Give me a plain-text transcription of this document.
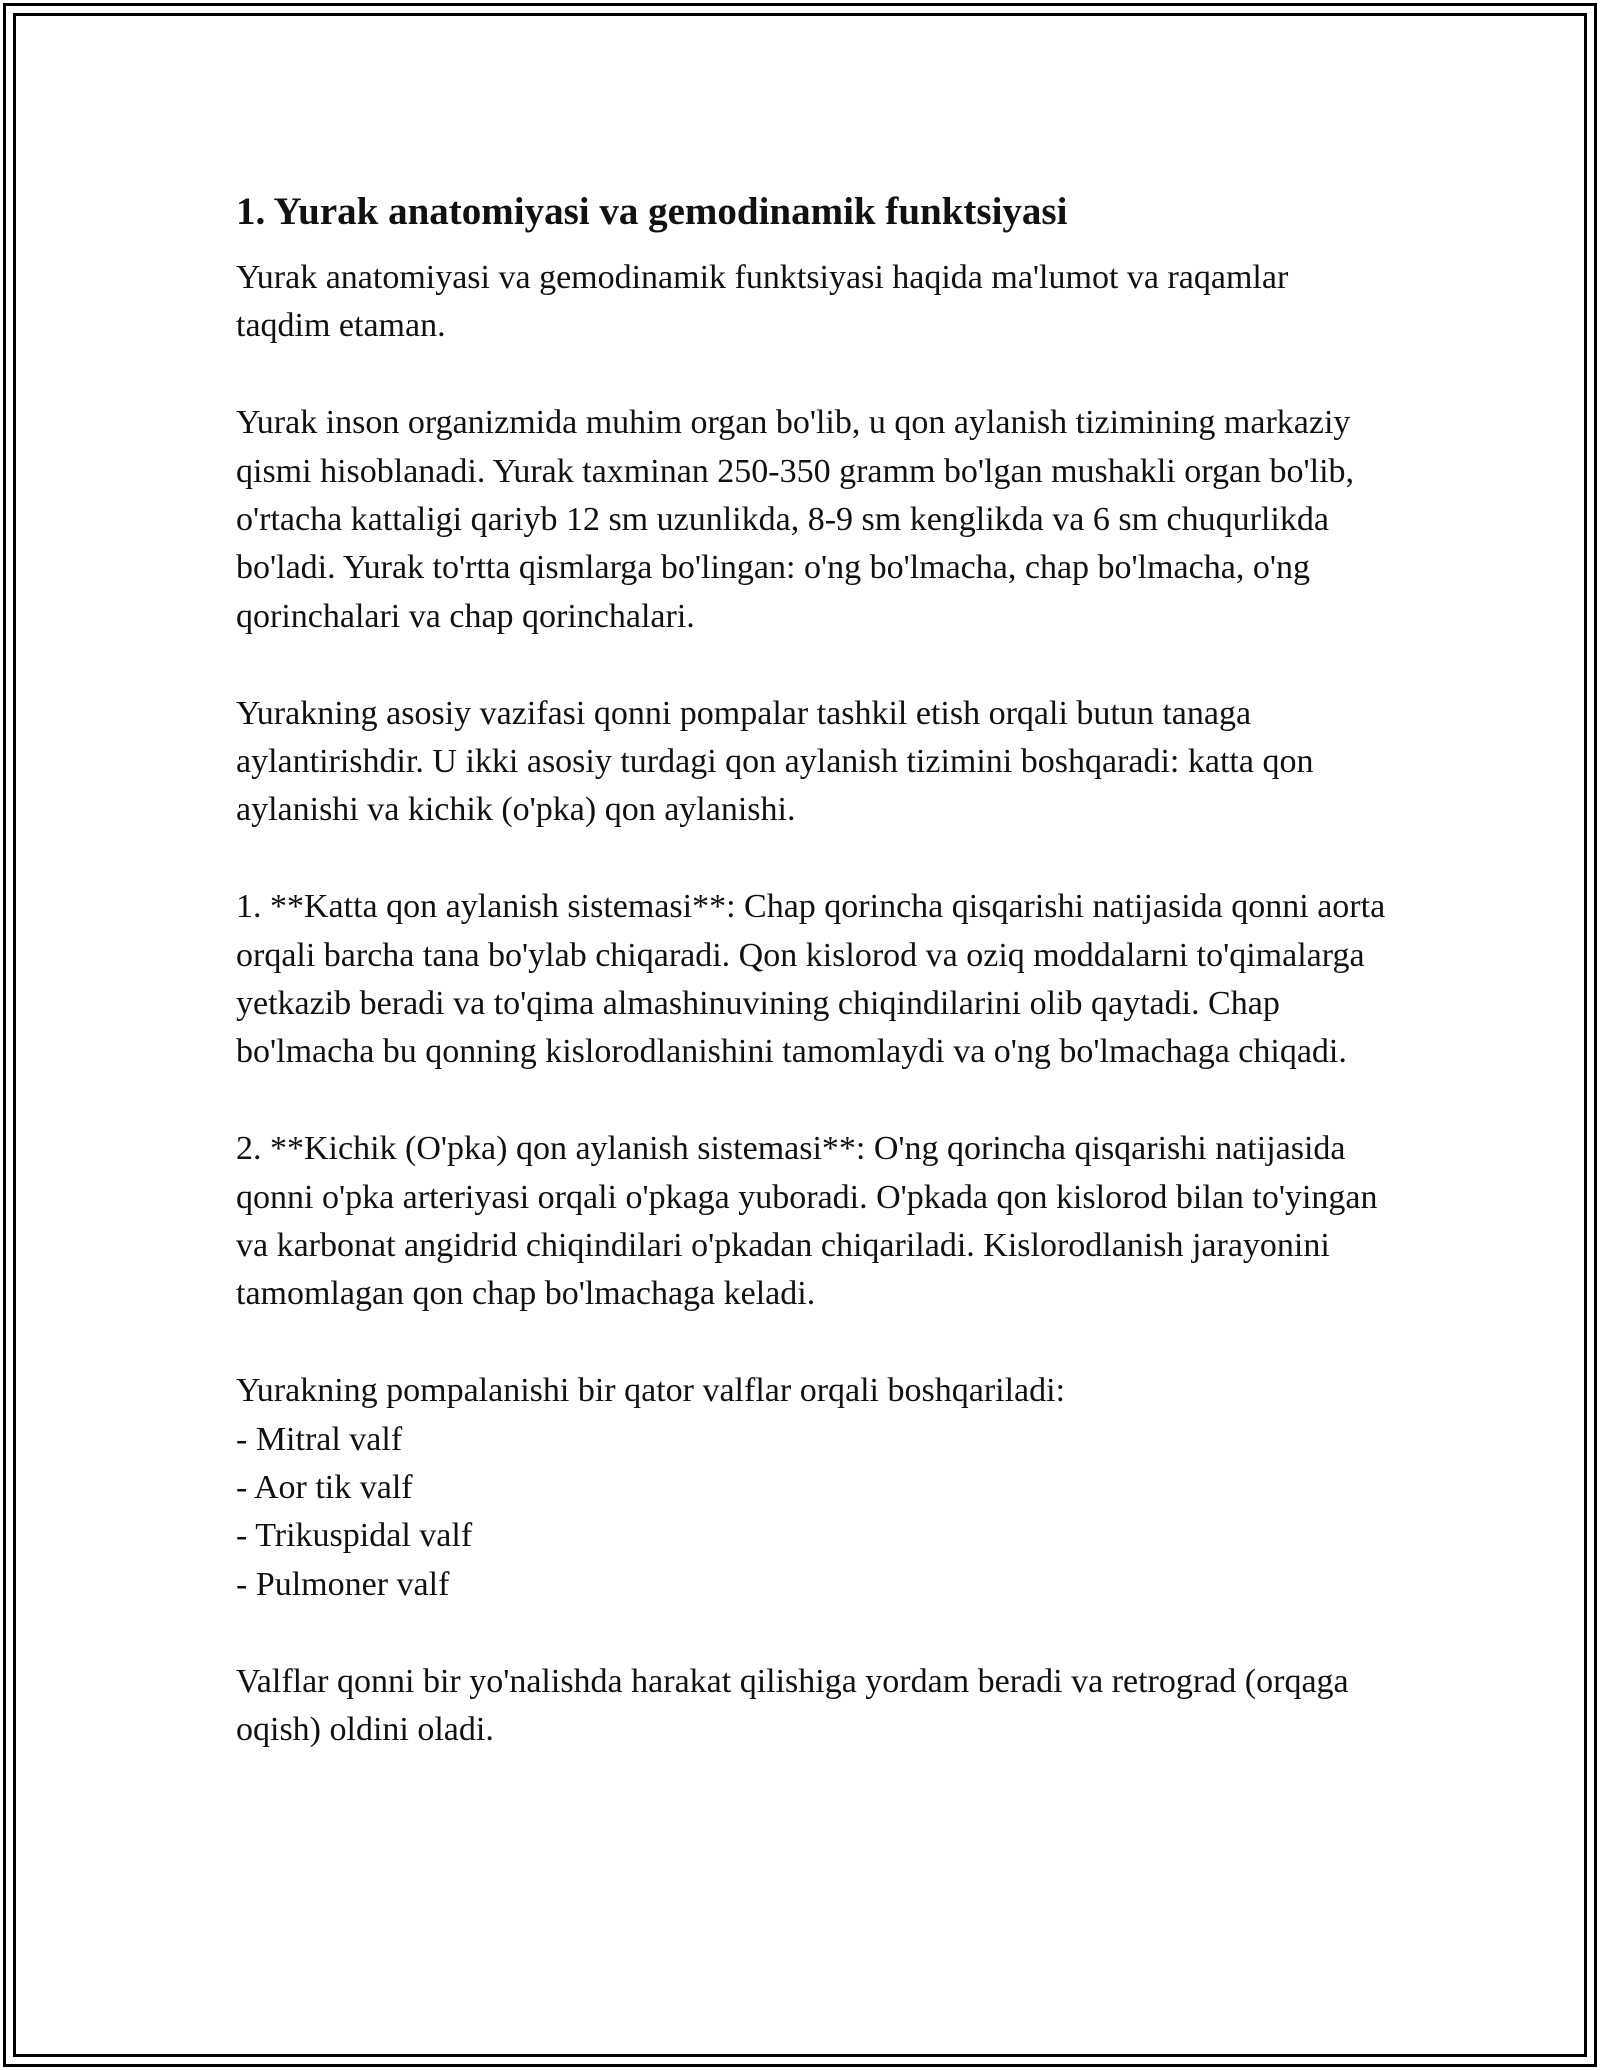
1. Yurak anatomiyasi va gemodinamik funktsiyasi

Yurak anatomiyasi va gemodinamik funktsiyasi haqida ma'lumot va raqamlar taqdim etaman.

Yurak inson organizmida muhim organ bo'lib, u qon aylanish tizimining markaziy qismi hisoblanadi. Yurak taxminan 250-350 gramm bo'lgan mushakli organ bo'lib, o'rtacha kattaligi qariyb 12 sm uzunlikda, 8-9 sm kenglikda va 6 sm chuqurlikda bo'ladi. Yurak to'rtta qismlarga bo'lingan: o'ng bo'lmacha, chap bo'lmacha, o'ng qorinchalari va chap qorinchalari.

Yurakning asosiy vazifasi qonni pompalar tashkil etish orqali butun tanaga aylantirishdir. U ikki asosiy turdagi qon aylanish tizimini boshqaradi: katta qon aylanishi va kichik (o'pka) qon aylanishi.

1. **Katta qon aylanish sistemasi**: Chap qorincha qisqarishi natijasida qonni aorta orqali barcha tana bo'ylab chiqaradi. Qon kislorod va oziq moddalarni to'qimalarga yetkazib beradi va to'qima almashinuvining chiqindilarini olib qaytadi. Chap bo'lmacha bu qonning kislorodlanishini tamomlaydi va o'ng bo'lmachaga chiqadi.

2. **Kichik (O'pka) qon aylanish sistemasi**: O'ng qorincha qisqarishi natijasida qonni o'pka arteriyasi orqali o'pkaga yuboradi. O'pkada qon kislorod bilan to'yingan va karbonat angidrid chiqindilari o'pkadan chiqariladi. Kislorodlanish jarayonini tamomlagan qon chap bo'lmachaga keladi.

Yurakning pompalanishi bir qator valflar orqali boshqariladi:

- Mitral valf
- Aor tik valf
- Trikuspidal valf
- Pulmoner valf

Valflar qonni bir yo'nalishda harakat qilishiga yordam beradi va retrograd (orqaga oqish) oldini oladi.
